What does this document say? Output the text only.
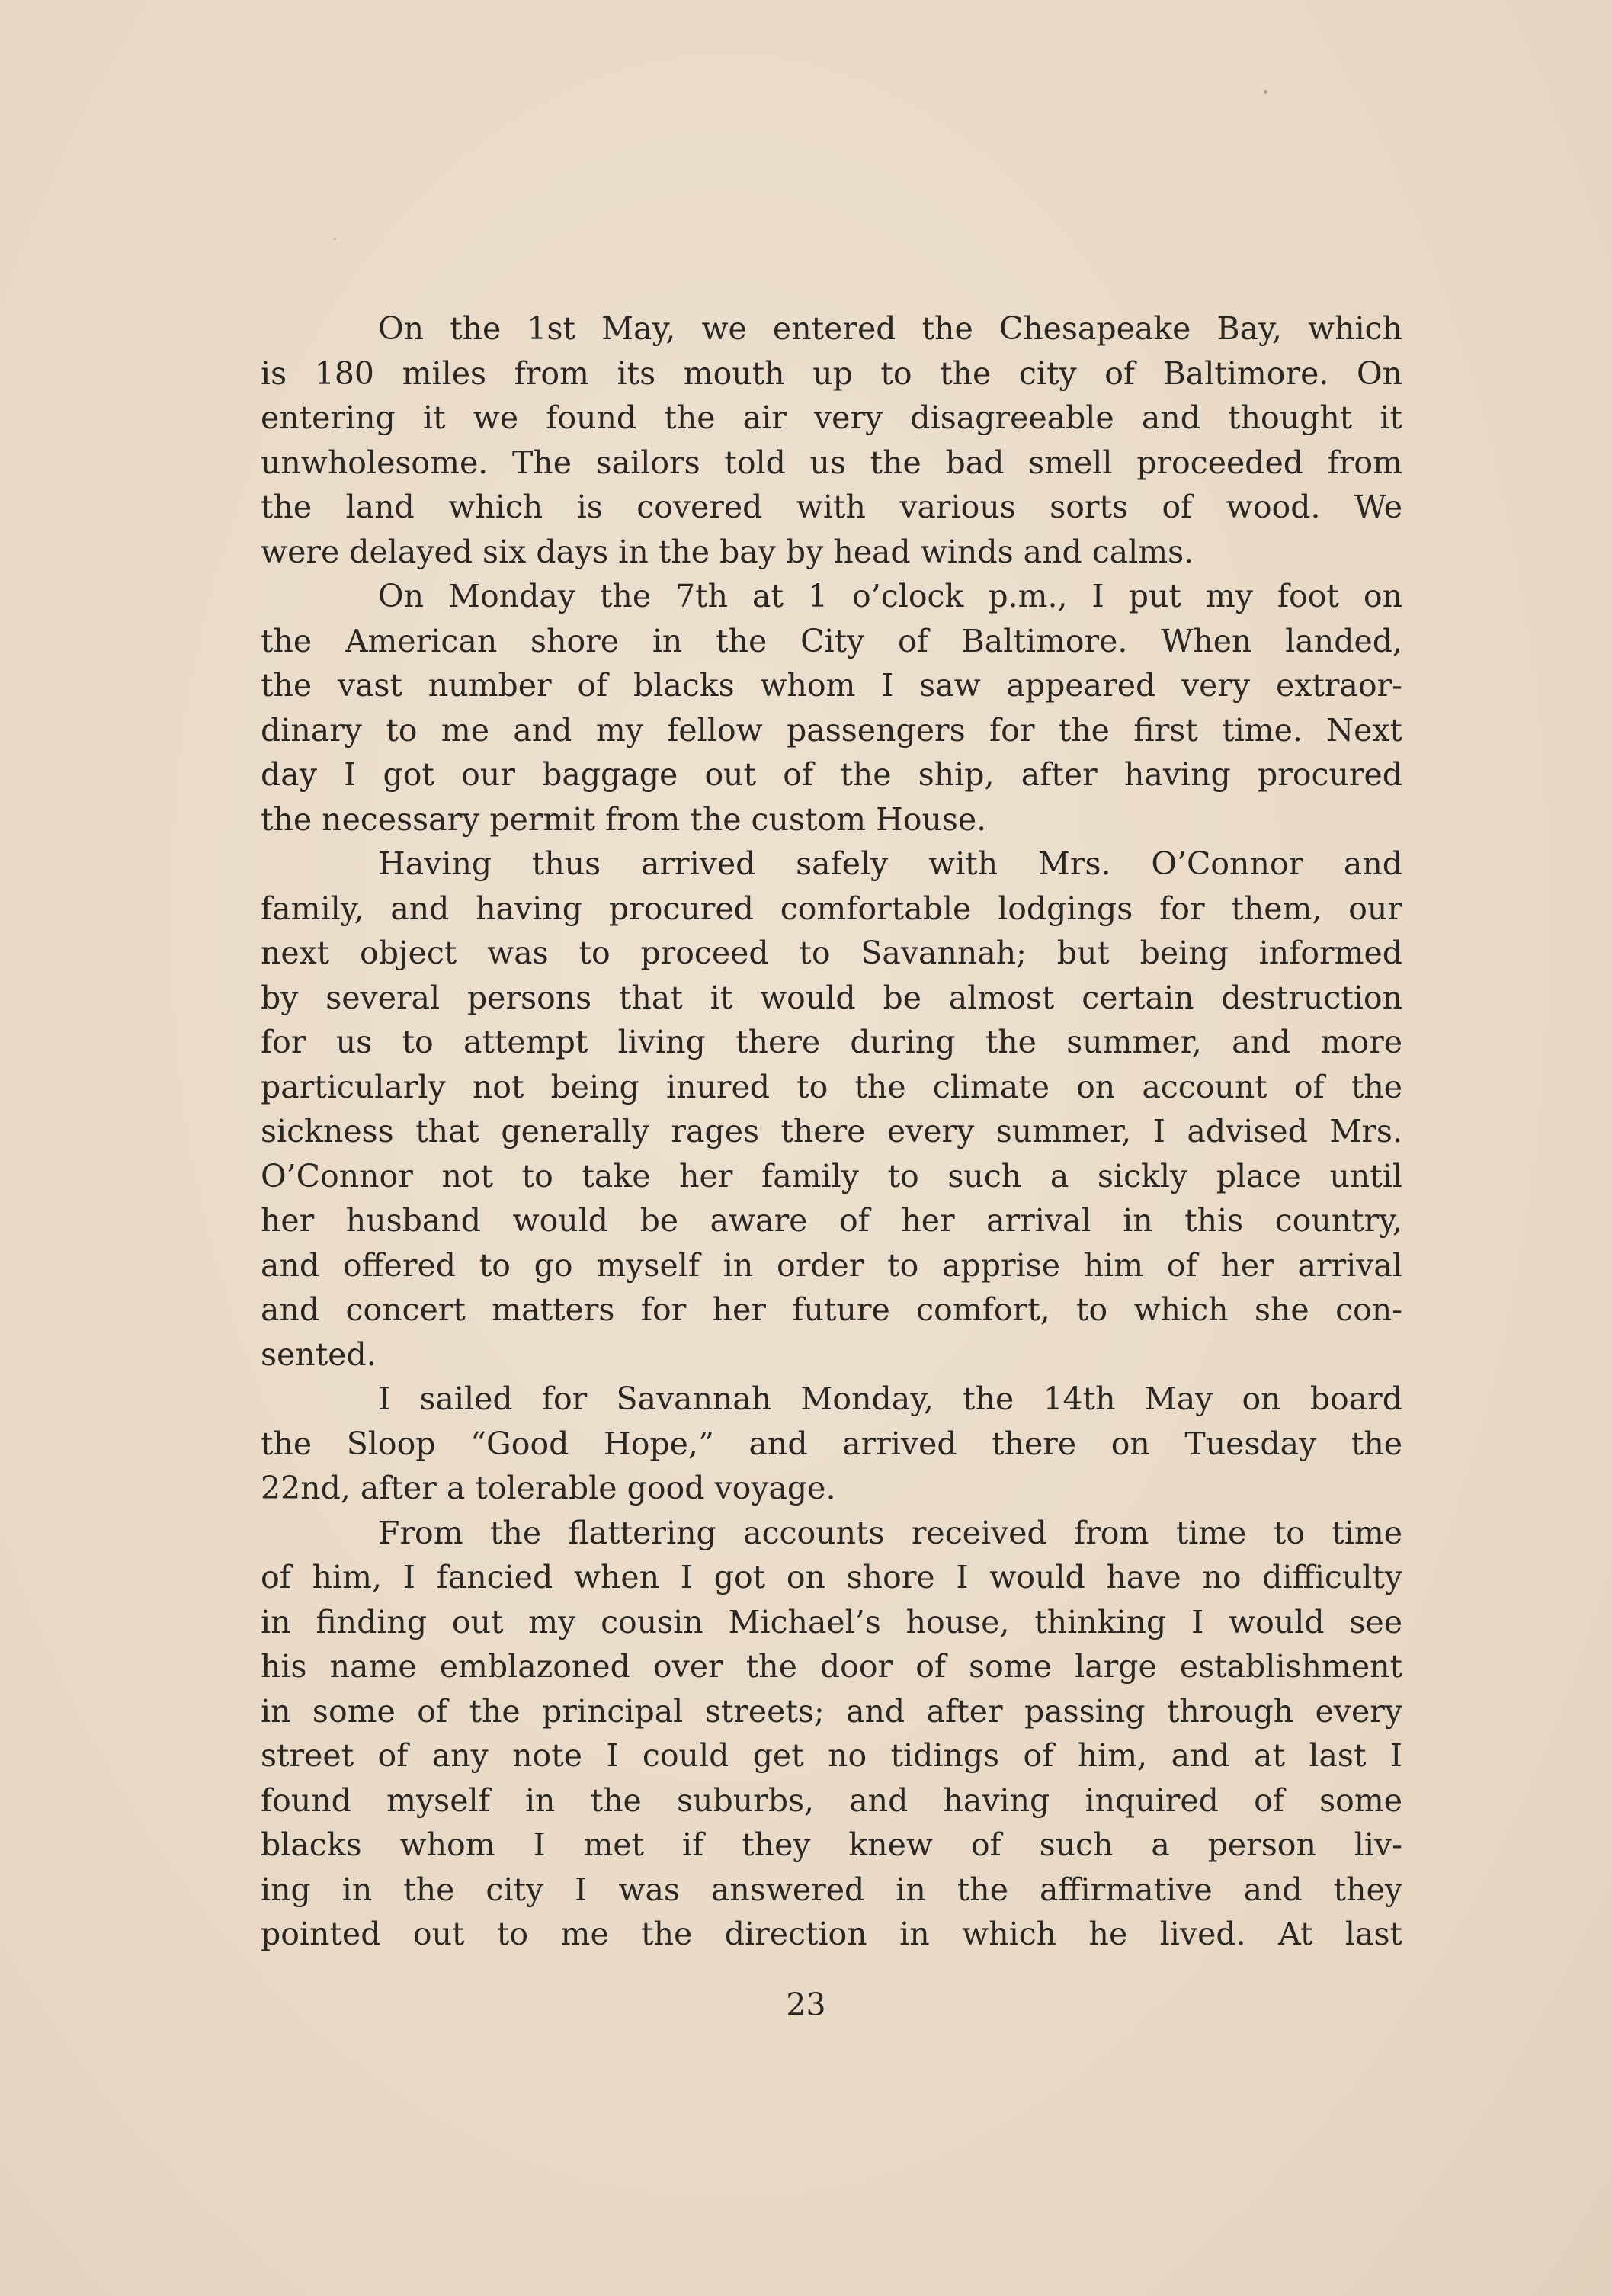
On the 1st May, we entered the Chesapeake Bay, which
is 180 miles from its mouth up to the city of Baltimore. On
entering it we found the air very disagreeable and thought it
unwholesome. The sailors told us the bad smell proceeded from
the land which is covered with various sorts of wood. We
were delayed six days in the bay by head winds and calms.
On Monday the 7th at 1 o’clock p.m., I put my foot on
the American shore in the City of Baltimore. When landed,
the vast number of blacks whom I saw appeared very extraor-
dinary to me and my fellow passengers for the first time. Next
day I got our baggage out of the ship, after having procured
the necessary permit from the custom House.
Having thus arrived safely with Mrs. O’Connor and
family, and having procured comfortable lodgings for them, our
next object was to proceed to Savannah; but being informed
by several persons that it would be almost certain destruction
for us to attempt living there during the summer, and more
particularly not being inured to the climate on account of the
sickness that generally rages there every summer, I advised Mrs.
O’Connor not to take her family to such a sickly place until
her husband would be aware of her arrival in this country,
and offered to go myself in order to apprise him of her arrival
and concert matters for her future comfort, to which she con-
sented.
I sailed for Savannah Monday, the 14th May on board
the Sloop “Good Hope,” and arrived there on Tuesday the
22nd, after a tolerable good voyage.
From the flattering accounts received from time to time
of him, I fancied when I got on shore I would have no difficulty
in finding out my cousin Michael’s house, thinking I would see
his name emblazoned over the door of some large establishment
in some of the principal streets; and after passing through every
street of any note I could get no tidings of him, and at last I
found myself in the suburbs, and having inquired of some
blacks whom I met if they knew of such a person liv-
ing in the city I was answered in the affirmative and they
pointed out to me the direction in which he lived. At last
23
